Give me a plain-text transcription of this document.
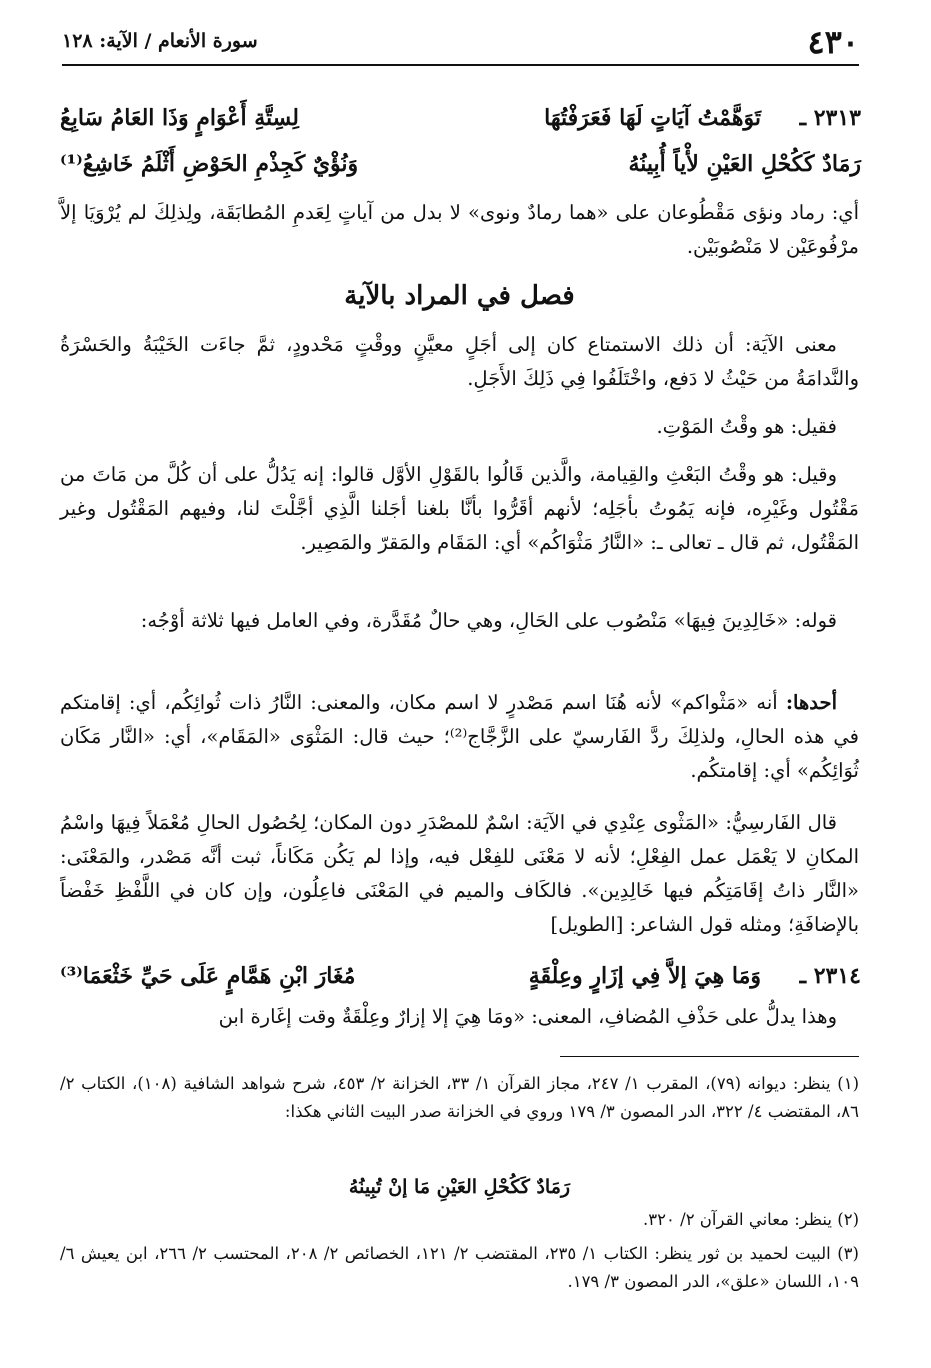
٤٣٠
سورة الأنعام / الآية: ١٢٨
٢٣١٣ ـ
تَوَهَّمْتُ آيَاتٍ لَهَا فَعَرَفْتُهَا
لِسِتَّةِ أَعْوَامٍ وَذَا العَامُ سَابِعُ
رَمَادٌ كَكُحْلِ العَيْنِ لأْياً أُبِينُهُ
وَنُؤْيٌ كَجِذْمِ الحَوْضِ أَثْلَمُ خَاشِعُ⁽¹⁾

أي: رماد ونؤى مَقْطُوعان على «هما رمادٌ ونوى» لا بدل من آياتٍ لِعَدمِ المُطابَقَة، ولِذلِكَ لم يُرْوَيَا إلاَّ مرْفُوعَيْن لا مَنْصُوبَيْن.

فصل في المراد بالآية

معنى الآيَة: أن ذلك الاستمتاع كان إلى أجَلٍ معيَّنٍ ووقْتٍ مَحْدودٍ، ثمَّ جاءَت الخَيْبَةُ والحَسْرَةُ والنَّدامَةُ من حَيْثُ لا دَفع، واخْتَلَفُوا فِي ذَلِكَ الأَجَلِ.

فقيل: هو وقْتُ المَوْتِ.

وقيل: هو وقْتُ البَعْثِ والقِيامة، والَّذين قَالُوا بالقَوْلِ الأوَّل قالوا: إنه يَدُلُّ على أن كُلَّ من مَاتَ من مَقْتُول وغَيْرِه، فإنه يَمُوتُ بأجَلِه؛ لأنهم أقَرُّوا بأنَّا بلغنا أجَلنا الَّذِي أجَّلْتَ لنا، وفيهم المَقْتُول وغير المَقْتُول، ثم قال ـ تعالى ـ: «النَّارُ مَثْوَاكُم» أي: المَقَام والمَقرّ والمَصِير.

قوله: «خَالِدِينَ فِيهَا» مَنْصُوب على الحَالِ، وهي حالٌ مُقَدَّرة، وفي العامل فيها ثلاثة أوْجُه:

أحدها: أنه «مَثْواكم» لأنه هُنَا اسم مَصْدرٍ لا اسم مكان، والمعنى: النَّارُ ذات ثُوائِكُم، أي: إقامتكم في هذه الحالِ، ولذلِكَ ردَّ الفَارسيّ على الزَّجَّاج⁽²⁾؛ حيث قال: المَثْوَى «المَقَام»، أي: «النَّار مَكَان ثُوَائِكُم» أي: إقامتكُم.

قال الفَارسِيُّ: «المَثْوى عِنْدِي في الآيَة: اسْمٌ للمصْدَرِ دون المكان؛ لِحُصُول الحالِ مُعْمَلاً فِيهَا واسْمُ المكانِ لا يَعْمَل عمل الفِعْلِ؛ لأنه لا مَعْنَى للفِعْل فيه، وإذا لم يَكُن مَكَاناً، ثبت أنَّه مَصْدر، والمَعْنَى: «النَّار ذاتُ إقَامَتِكُم فيها خَالِدِين». فالكَاف والميم في المَعْنَى فاعِلُون، وإن كان في اللَّفْظِ خَفْضاً بالإضافَةِ؛ ومثله قول الشاعر: [الطويل]

٢٣١٤ ـ
وَمَا هِيَ إلاَّ فِي إزَارٍ وعِلْقَةٍ
مُغَارَ ابْنِ هَمَّامٍ عَلَى حَيِّ خَثْعَمَا⁽³⁾

وهذا يدلُّ على حَذْفِ المُضافِ، المعنى: «ومَا هِيَ إلا إزارٌ وعِلْقَةٌ وقت إغَارة ابن

(١) ينظر: ديوانه (٧٩)، المقرب ١/ ٢٤٧، مجاز القرآن ١/ ٣٣، الخزانة ٢/ ٤٥٣، شرح شواهد الشافية (١٠٨)، الكتاب ٢/ ٨٦، المقتضب ٤/ ٣٢٢، الدر المصون ٣/ ١٧٩ وروي في الخزانة صدر البيت الثاني هكذا:

رَمَادٌ كَكُحْلِ العَيْنِ مَا إنْ تُبِينُهُ

(٢) ينظر: معاني القرآن ٢/ ٣٢٠.

(٣) البيت لحميد بن ثور ينظر: الكتاب ١/ ٢٣٥، المقتضب ٢/ ١٢١، الخصائص ٢/ ٢٠٨، المحتسب ٢/ ٢٦٦، ابن يعيش ٦/ ١٠٩، اللسان «علق»، الدر المصون ٣/ ١٧٩.
